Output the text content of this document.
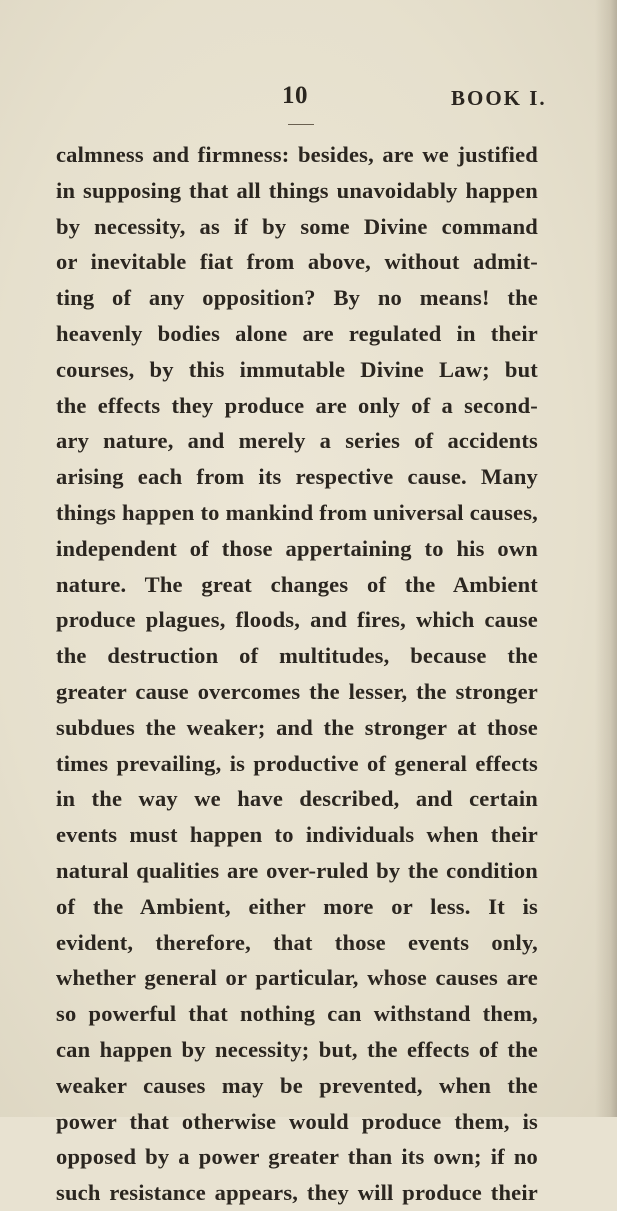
10	BOOK I.
calmness and firmness: besides, are we justified
in supposing that all things unavoidably happen
by necessity, as if by some Divine command
or inevitable fiat from above, without admit-
ting of any opposition? By no means! the
heavenly bodies alone are regulated in their
courses, by this immutable Divine Law; but
the effects they produce are only of a second-
ary nature, and merely a series of accidents
arising each from its respective cause. Many
things happen to mankind from universal causes,
independent of those appertaining to his own
nature. The great changes of the Ambient
produce plagues, floods, and fires, which cause
the destruction of multitudes, because the
greater cause overcomes the lesser, the stronger
subdues the weaker; and the stronger at those
times prevailing, is productive of general effects
in the way we have described, and certain
events must happen to individuals when their
natural qualities are over-ruled by the condition
of the Ambient, either more or less. It is
evident, therefore, that those events only,
whether general or particular, whose causes are
so powerful that nothing can withstand them,
can happen by necessity; but, the effects of the
weaker causes may be prevented, when the
power that otherwise would produce them, is
opposed by a power greater than its own; if no
such resistance appears, they will produce their
